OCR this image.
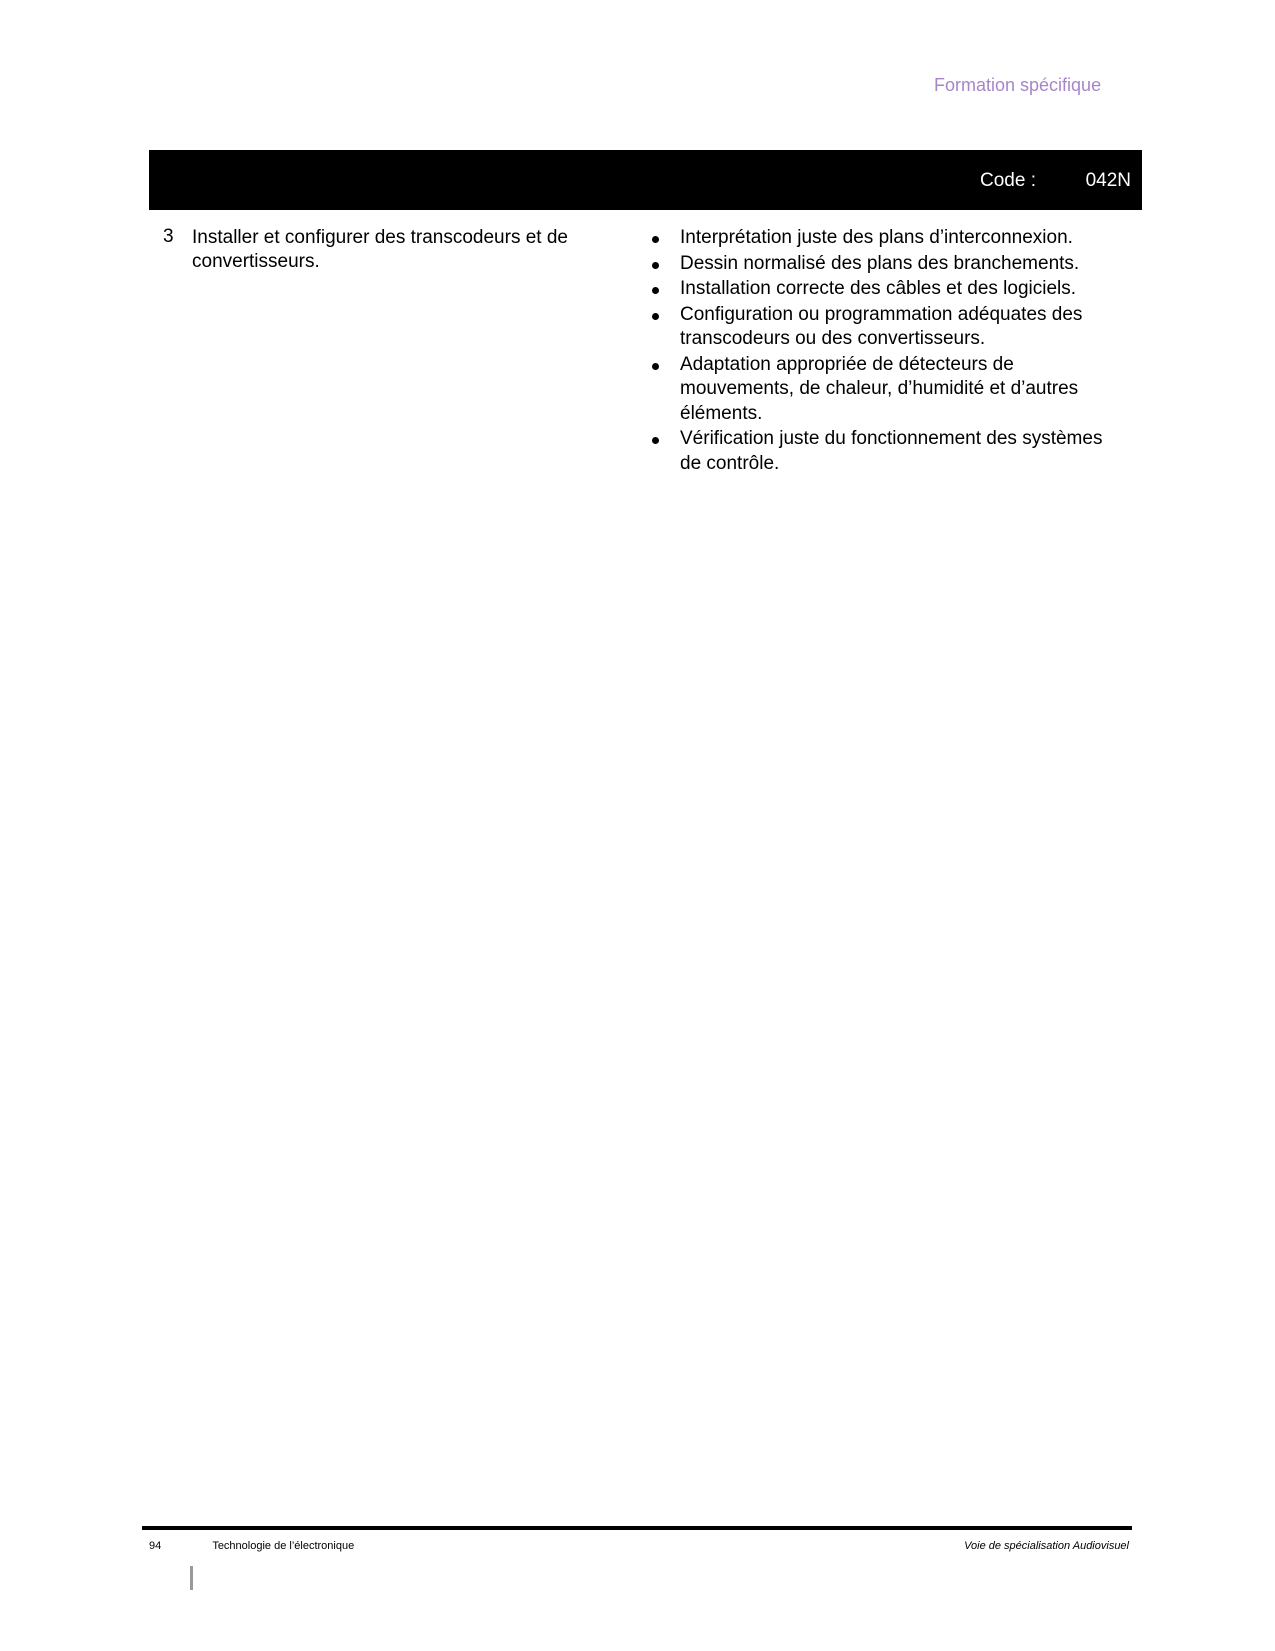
Formation spécifique
Code :	042N
3 Installer et configurer des transcodeurs et de convertisseurs.
Interprétation juste des plans d’interconnexion.
Dessin normalisé des plans des branchements.
Installation correcte des câbles et des logiciels.
Configuration ou programmation adéquates des transcodeurs ou des convertisseurs.
Adaptation appropriée de détecteurs de mouvements, de chaleur, d’humidité et d’autres éléments.
Vérification juste du fonctionnement des systèmes de contrôle.
94	Technologie de l’électronique	Voie de spécialisation Audiovisuel
